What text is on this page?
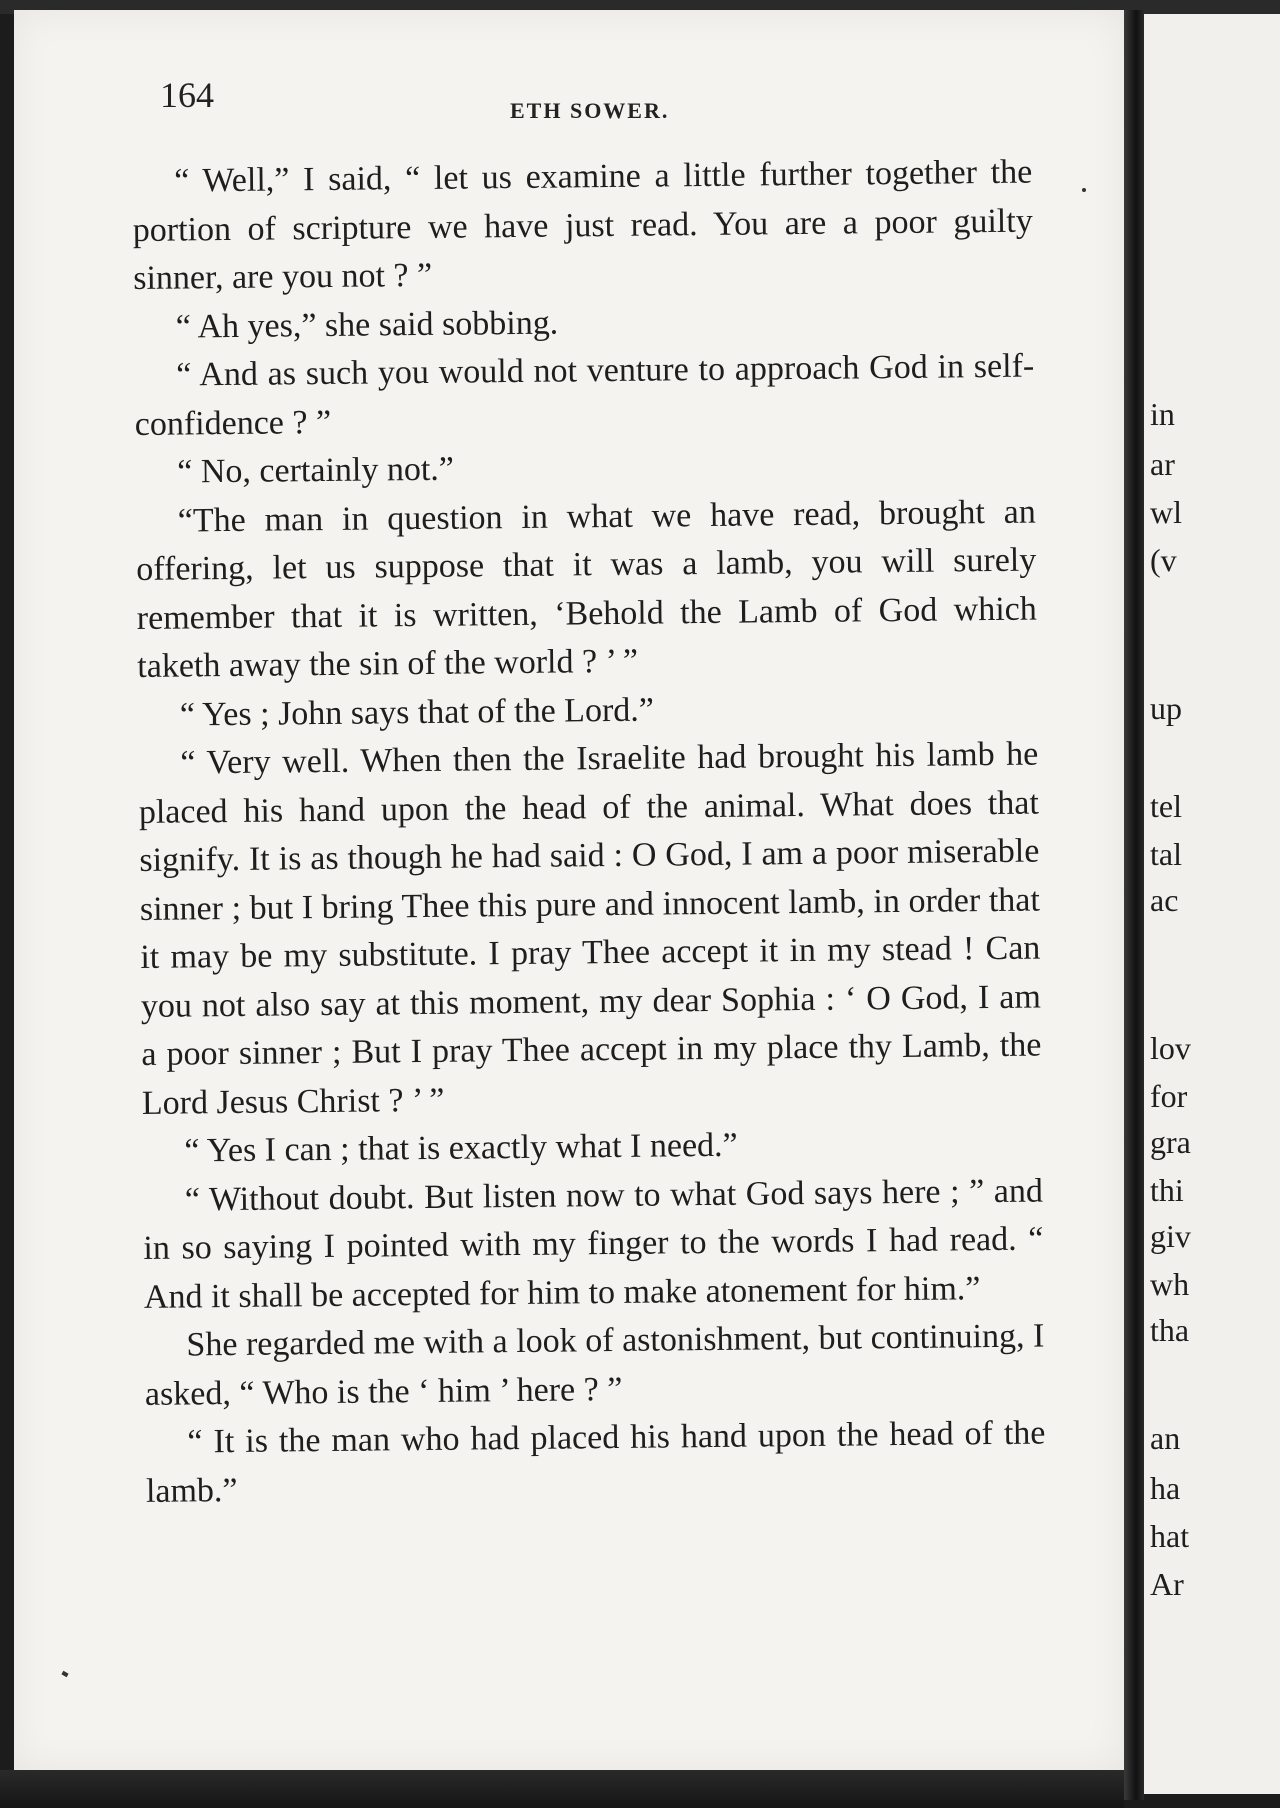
164	ETH SOWER.

“ Well,” I said, “ let us examine a little further together the portion of scripture we have just read. You are a poor guilty sinner, are you not ? ”

“ Ah yes,” she said sobbing.

“ And as such you would not venture to approach God in self-confidence ? ”

“ No, certainly not.”

“The man in question in what we have read, brought an offering, let us suppose that it was a lamb, you will surely remember that it is written, ‘Behold the Lamb of God which taketh away the sin of the world ? ’ ”

“ Yes ; John says that of the Lord.”

“ Very well. When then the Israelite had brought his lamb he placed his hand upon the head of the animal. What does that signify. It is as though he had said : O God, I am a poor miserable sinner ; but I bring Thee this pure and innocent lamb, in order that it may be my substitute. I pray Thee accept it in my stead ! Can you not also say at this moment, my dear Sophia : ‘ O God, I am a poor sinner ; But I pray Thee accept in my place thy Lamb, the Lord Jesus Christ ? ’ ”

“ Yes I can ; that is exactly what I need.”

“ Without doubt. But listen now to what God says here ; ” and in so saying I pointed with my finger to the words I had read. “ And it shall be accepted for him to make atonement for him.”

She regarded me with a look of astonishment, but continuing, I asked, “ Who is the ‘ him ’ here ? ”

“ It is the man who had placed his hand upon the head of the lamb.”

in
ar
wl
(v
up
tel
tal
ac
lov
for
gra
thi
giv
wh
tha
an
ha
hat
Ar
